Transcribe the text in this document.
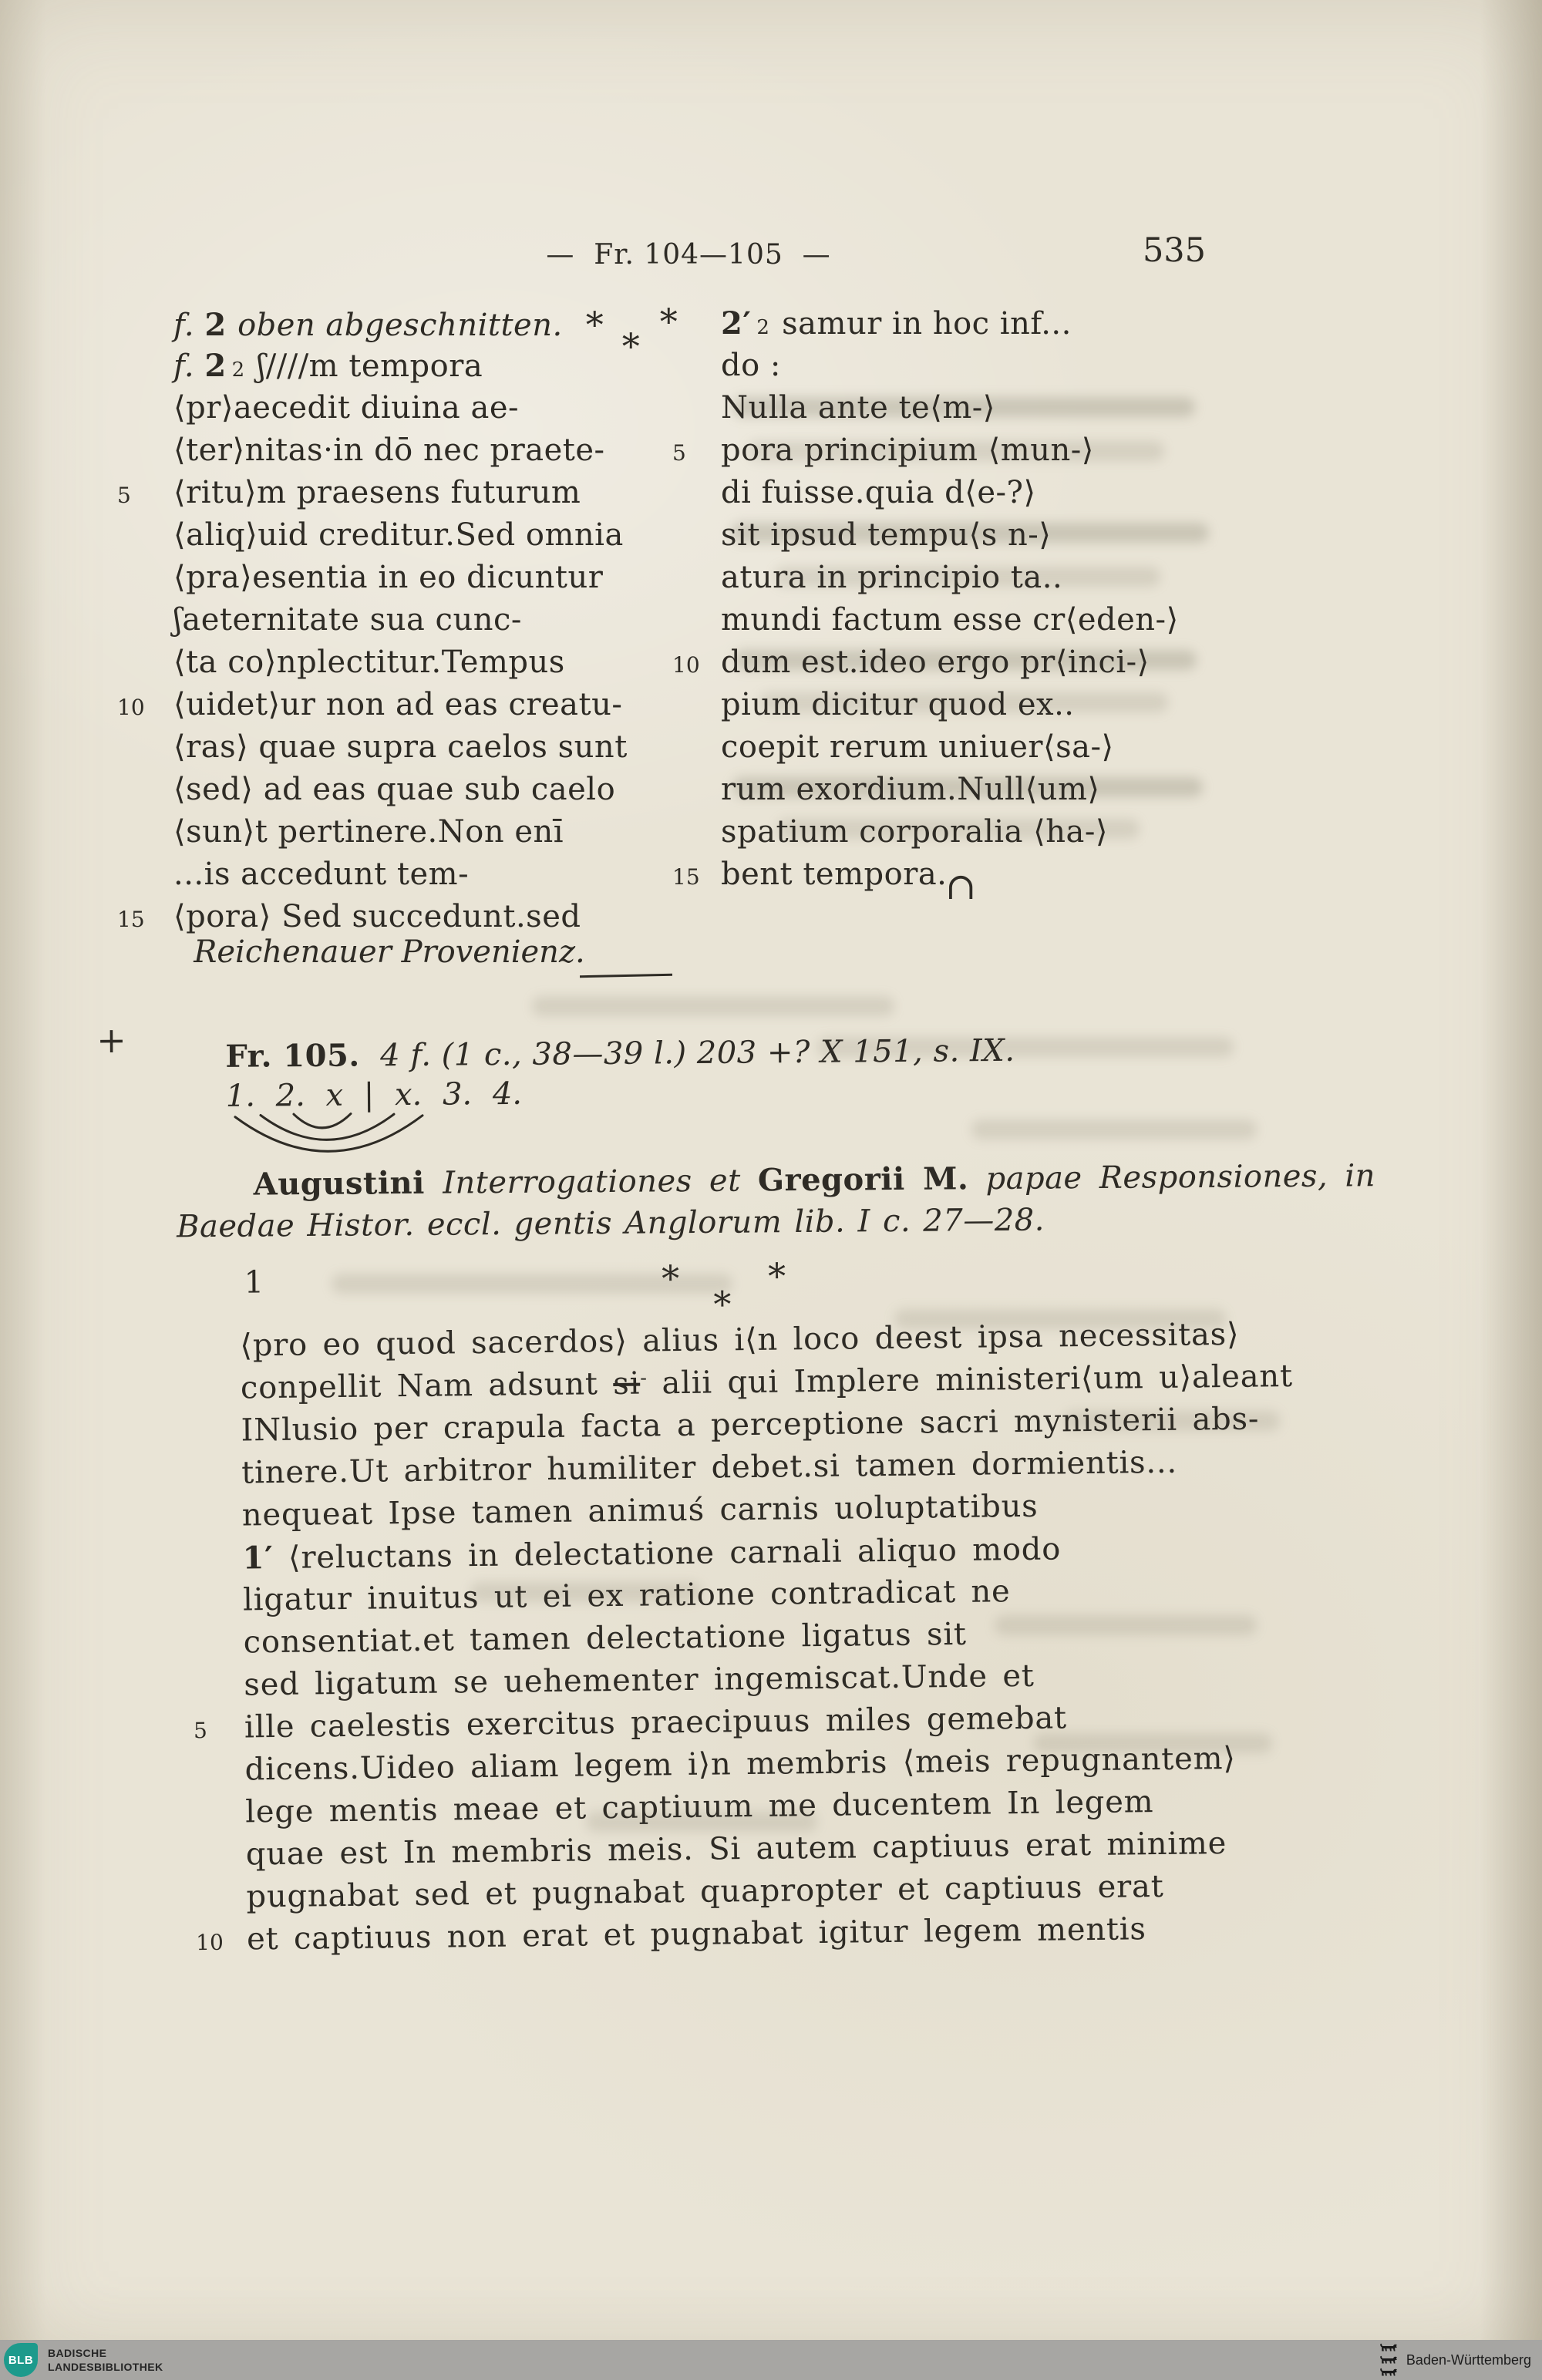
—  Fr. 104—105  —	535
f. 2 oben abgeschnitten. ***
f. 2 2 ʃ////m tempora
⟨pr⟩aecedit diuina ae-
⟨ter⟩nitas·in dō nec praete-
5 ⟨ritu⟩m praesens futurum
⟨aliq⟩uid creditur.Sed omnia
⟨pra⟩esentia in eo dicuntur
ʃaeternitate sua cunc-
⟨ta co⟩nplectitur.Tempus
10 ⟨uidet⟩ur non ad eas creatu-
⟨ras⟩ quae supra caelos sunt
⟨sed⟩ ad eas quae sub caelo
⟨sun⟩t pertinere.Non enī
...is accedunt tem-
15 ⟨pora⟩ Sed succedunt.sed
2′ 2 samur in hoc inf...
do :
Nulla ante te⟨m-⟩
5 pora principium ⟨mun-⟩
di fuisse.quia d⟨e-?⟩
sit ipsud tempu⟨s n-⟩
atura in principio ta..
mundi factum esse cr⟨eden-⟩
10 dum est.ideo ergo pr⟨inci-⟩
pium dicitur quod ex..
coepit rerum uniuer⟨sa-⟩
rum exordium.Null⟨um⟩
spatium corporalia ⟨ha-⟩
15 bent tempora.
∩
Reichenauer Provenienz.
+	Fr. 105.  4 f. (1 c., 38—39 l.) 203 +? X 151, s. IX.
1. 2. x | x. 3. 4.
Augustini Interrogationes et Gregorii M. papae Responsiones, in
Baedae Histor. eccl. gentis Anglorum lib. I c. 27—28.
1	***

⟨pro eo quod sacerdos⟩ alius i⟨n loco deest ipsa necessitas⟩
conpellit Nam adsunt si- alii qui Implere ministeri⟨um u⟩aleant
INlusio per crapula facta a perceptione sacri mynisterii abs-
tinere.Ut arbitror humiliter debet.si tamen dormientis...
nequeat Ipse tamen animuś carnis uoluptatibus
1′ ⟨reluctans in delectatione carnali aliquo modo
ligatur inuitus ut ei ex ratione contradicat ne
consentiat.et tamen delectatione ligatus sit
sed ligatum se uehementer ingemiscat.Unde et
5 ille caelestis exercitus praecipuus miles gemebat
dicens.Uideo aliam legem i⟩n membris ⟨meis repugnantem⟩
lege mentis meae et captiuum me ducentem In legem
quae est In membris meis. Si autem captiuus erat minime
pugnabat sed et pugnabat quapropter et captiuus erat
10 et captiuus non erat et pugnabat igitur legem mentis
BLB
BADISCHE
LANDESBIBLIOTHEK	Baden-Württemberg
